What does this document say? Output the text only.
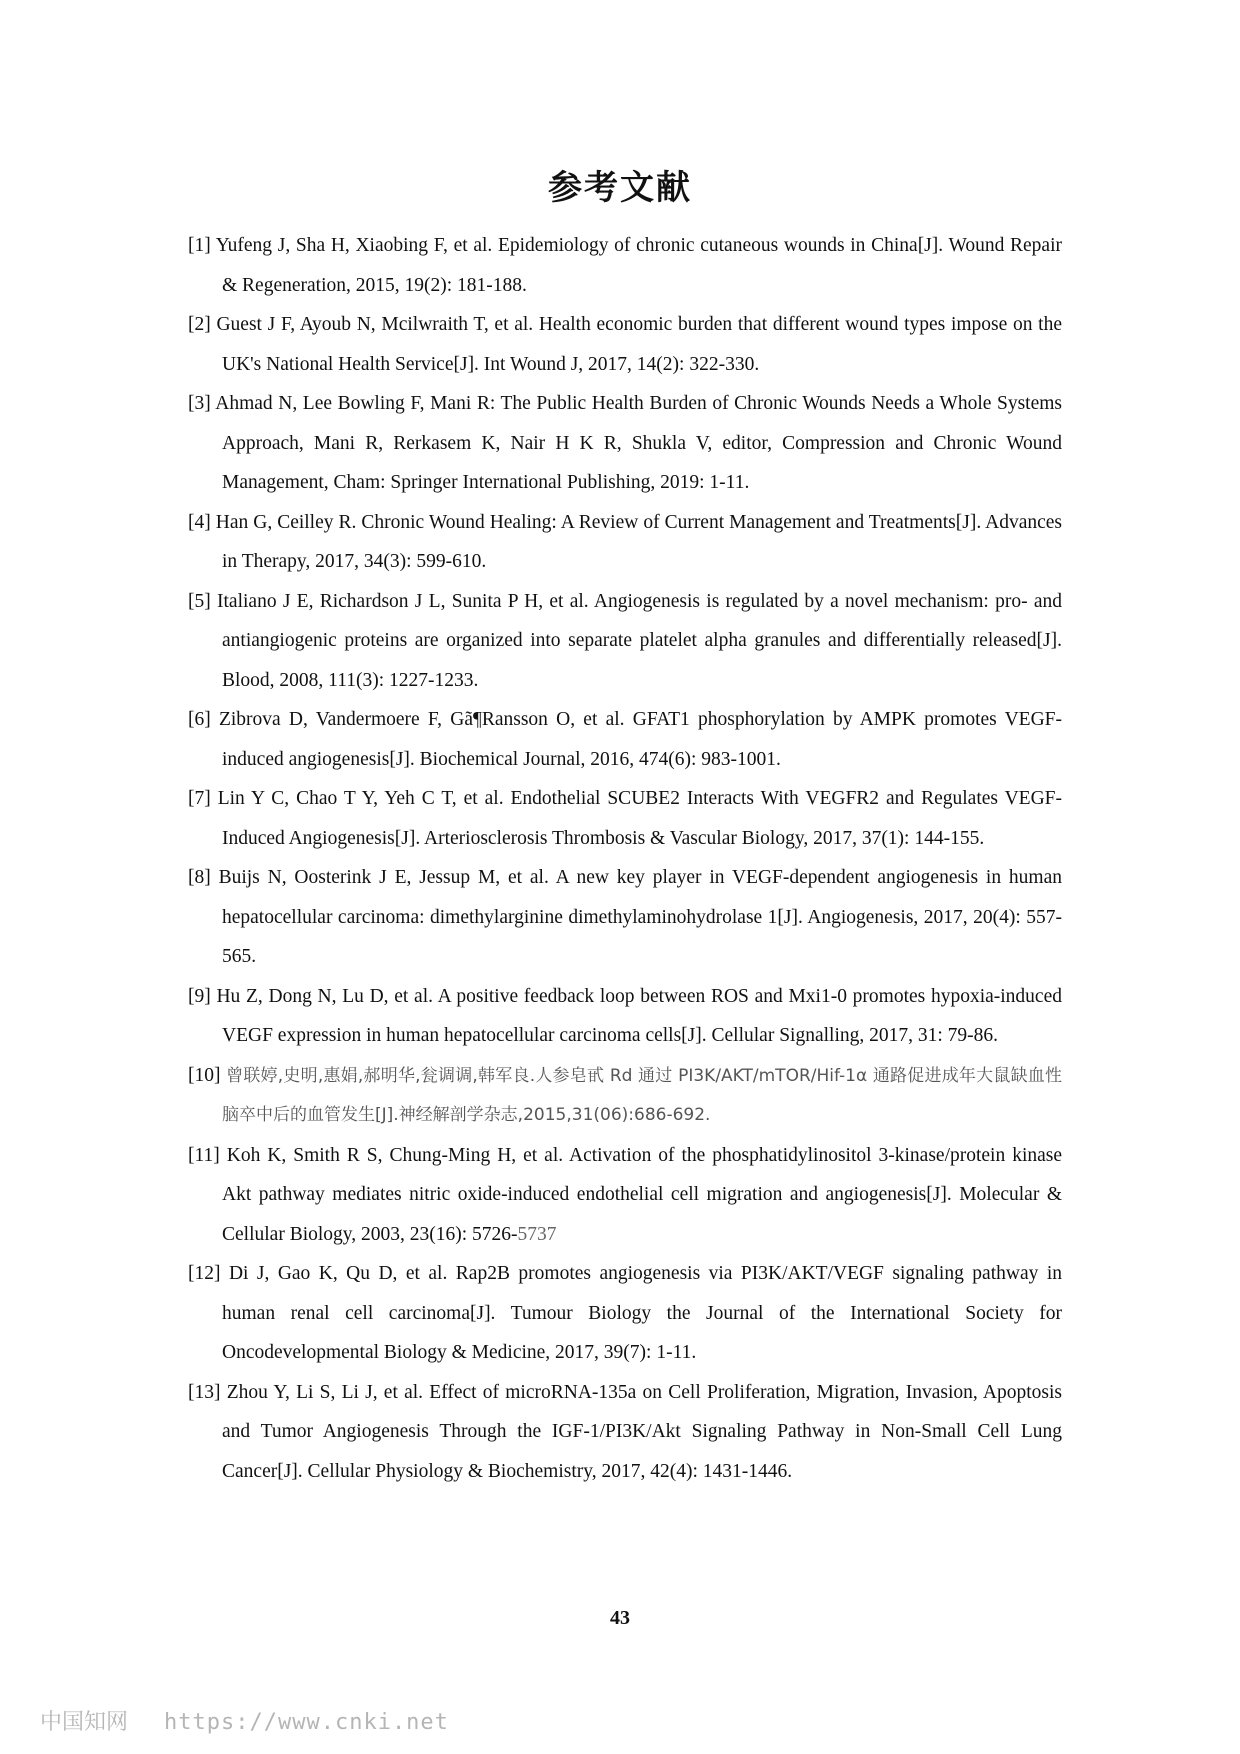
参考文献

[1] Yufeng J, Sha H, Xiaobing F, et al. Epidemiology of chronic cutaneous wounds in China[J]. Wound Repair & Regeneration, 2015, 19(2): 181-188.

[2] Guest J F, Ayoub N, Mcilwraith T, et al. Health economic burden that different wound types impose on the UK's National Health Service[J]. Int Wound J, 2017, 14(2): 322-330.

[3] Ahmad N, Lee Bowling F, Mani R: The Public Health Burden of Chronic Wounds Needs a Whole Systems Approach, Mani R, Rerkasem K, Nair H K R, Shukla V, editor, Compression and Chronic Wound Management, Cham: Springer International Publishing, 2019: 1-11.

[4] Han G, Ceilley R. Chronic Wound Healing: A Review of Current Management and Treatments[J]. Advances in Therapy, 2017, 34(3): 599-610.

[5] Italiano J E, Richardson J L, Sunita P H, et al. Angiogenesis is regulated by a novel mechanism: pro- and antiangiogenic proteins are organized into separate platelet alpha granules and differentially released[J]. Blood, 2008, 111(3): 1227-1233.

[6] Zibrova D, Vandermoere F, Gã¶Ransson O, et al. GFAT1 phosphorylation by AMPK promotes VEGF-induced angiogenesis[J]. Biochemical Journal, 2016, 474(6): 983-1001.

[7] Lin Y C, Chao T Y, Yeh C T, et al. Endothelial SCUBE2 Interacts With VEGFR2 and Regulates VEGF-Induced Angiogenesis[J]. Arteriosclerosis Thrombosis & Vascular Biology, 2017, 37(1): 144-155.

[8] Buijs N, Oosterink J E, Jessup M, et al. A new key player in VEGF-dependent angiogenesis in human hepatocellular carcinoma: dimethylarginine dimethylaminohydrolase 1[J]. Angiogenesis, 2017, 20(4): 557-565.

[9] Hu Z, Dong N, Lu D, et al. A positive feedback loop between ROS and Mxi1-0 promotes hypoxia-induced VEGF expression in human hepatocellular carcinoma cells[J]. Cellular Signalling, 2017, 31: 79-86.

[10] 曾联婷,史明,惠娟,郝明华,瓮调调,韩军良.人参皂甙 Rd 通过 PI3K/AKT/mTOR/Hif-1α 通路促进成年大鼠缺血性脑卒中后的血管发生[J].神经解剖学杂志,2015,31(06):686-692.

[11] Koh K, Smith R S, Chung-Ming H, et al. Activation of the phosphatidylinositol 3-kinase/protein kinase Akt pathway mediates nitric oxide-induced endothelial cell migration and angiogenesis[J]. Molecular & Cellular Biology, 2003, 23(16): 5726-5737

[12] Di J, Gao K, Qu D, et al. Rap2B promotes angiogenesis via PI3K/AKT/VEGF signaling pathway in human renal cell carcinoma[J]. Tumour Biology the Journal of the International Society for Oncodevelopmental Biology & Medicine, 2017, 39(7): 1-11.

[13] Zhou Y, Li S, Li J, et al. Effect of microRNA-135a on Cell Proliferation, Migration, Invasion, Apoptosis and Tumor Angiogenesis Through the IGF-1/PI3K/Akt Signaling Pathway in Non-Small Cell Lung Cancer[J]. Cellular Physiology & Biochemistry, 2017, 42(4): 1431-1446.

43
中国知网 https://www.cnki.net
